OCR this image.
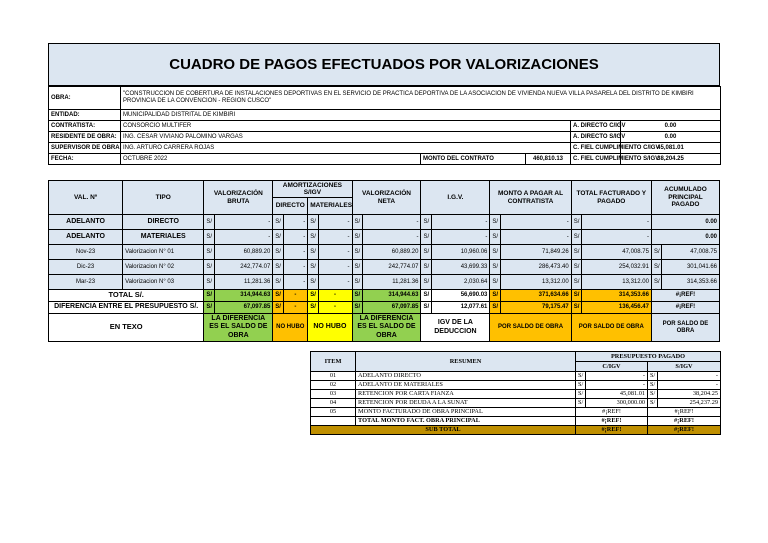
CUADRO DE PAGOS EFECTUADOS POR VALORIZACIONES
OBRA:	"CONSTRUCCION DE COBERTURA DE INSTALACIONES DEPORTIVAS EN EL SERVICIO DE PRACTICA DEPORTIVA DE LA ASOCIACION DE VIVIENDA NUEVA VILLA PASARELA DEL DISTRITO DE KIMBIRI PROVINCIA DE LA CONVENCION - REGION CUSCO"				
ENTIDAD:	MUNICIPALIDAD DISTRITAL DE KIMBIRI				
CONTRATISTA:	CONSORCIO MULTIFER			A. DIRECTO C/IGV	0.00
RESIDENTE DE OBRA:	ING. CESAR VIVIANO PALOMINO VARGAS			A. DIRECTO S/IGV	0.00
SUPERVISOR DE OBRA:	ING. ARTURO CARRERA ROJAS			C. FIEL CUMPLIMIENTO C/IGV	45,081.01
FECHA:	OCTUBRE 2022	MONTO DEL CONTRATO	460,810.13	C. FIEL CUMPLIMIENTO S/IGV	38,204.25
VAL. Nº	TIPO	VALORIZACIÓN BRUTA		AMORTIZACIONES S/IGV				VALORIZACIÓN NETA		I.G.V.		MONTO A PAGAR AL CONTRATISTA		TOTAL FACTURADO Y PAGADO		ACUMULADO PRINCIPAL PAGADO	
				DIRECTO		MATERIALES											
ADELANTO	DIRECTO	S/	-	S/	-	S/	-	S/	-	S/	-	S/	-	S/	-	0.00	
ADELANTO	MATERIALES	S/	-	S/	-	S/	-	S/	-	S/	-	S/	-	S/	-	0.00	
Nov-23	Valorizacion N° 01	S/	60,889.20	S/	-	S/	-	S/	60,889.20	S/	10,960.06	S/	71,849.26	S/	47,008.75	S/	47,008.75
Dic-23	Valorizacion N° 02	S/	242,774.07	S/	-	S/	-	S/	242,774.07	S/	43,699.33	S/	286,473.40	S/	254,032.91	S/	301,041.66
Mar-23	Valorizacion N° 03	S/	11,281.36	S/	-	S/	-	S/	11,281.36	S/	2,030.64	S/	13,312.00	S/	13,312.00	S/	314,353.66
TOTAL S/.		S/	314,944.63	S/	-	S/	-	S/	314,944.63	S/	56,690.03	S/	371,634.66	S/	314,353.66	#¡REF!	
DIFERENCIA ENTRE EL PRESUPUESTO S/.		S/	67,097.85	S/	-	S/	-	S/	67,097.85	S/	12,077.61	S/	79,175.47	S/	136,456.47	#¡REF!	
EN TEXO		LA DIFERENCIA ES EL SALDO DE OBRA		NO HUBO		NO HUBO		LA DIFERENCIA ES EL SALDO DE OBRA		IGV DE LA DEDUCCION		POR SALDO DE OBRA		POR SALDO DE OBRA		POR SALDO DE OBRA	
ITEM	RESUMEN	PRESUPUESTO PAGADO			
		C/IGV		S/IGV	
01	ADELANTO DIRECTO	S/	-	S/	-
02	ADELANTO DE MATERIALES	S/	-	S/	-
03	RETENCION POR CARTA FIANZA	S/	45,081.01	S/	38,204.25
04	RETENCION POR DEUDA A LA SUNAT	S/	300,000.00	S/	254,237.29
05	MONTO FACTURADO DE OBRA PRINCIPAL	#¡REF!		#¡REF!	
	TOTAL MONTO FACT. OBRA PRINCIPAL	#¡REF!		#¡REF!	
SUB TOTAL		#¡REF!		#¡REF!	
